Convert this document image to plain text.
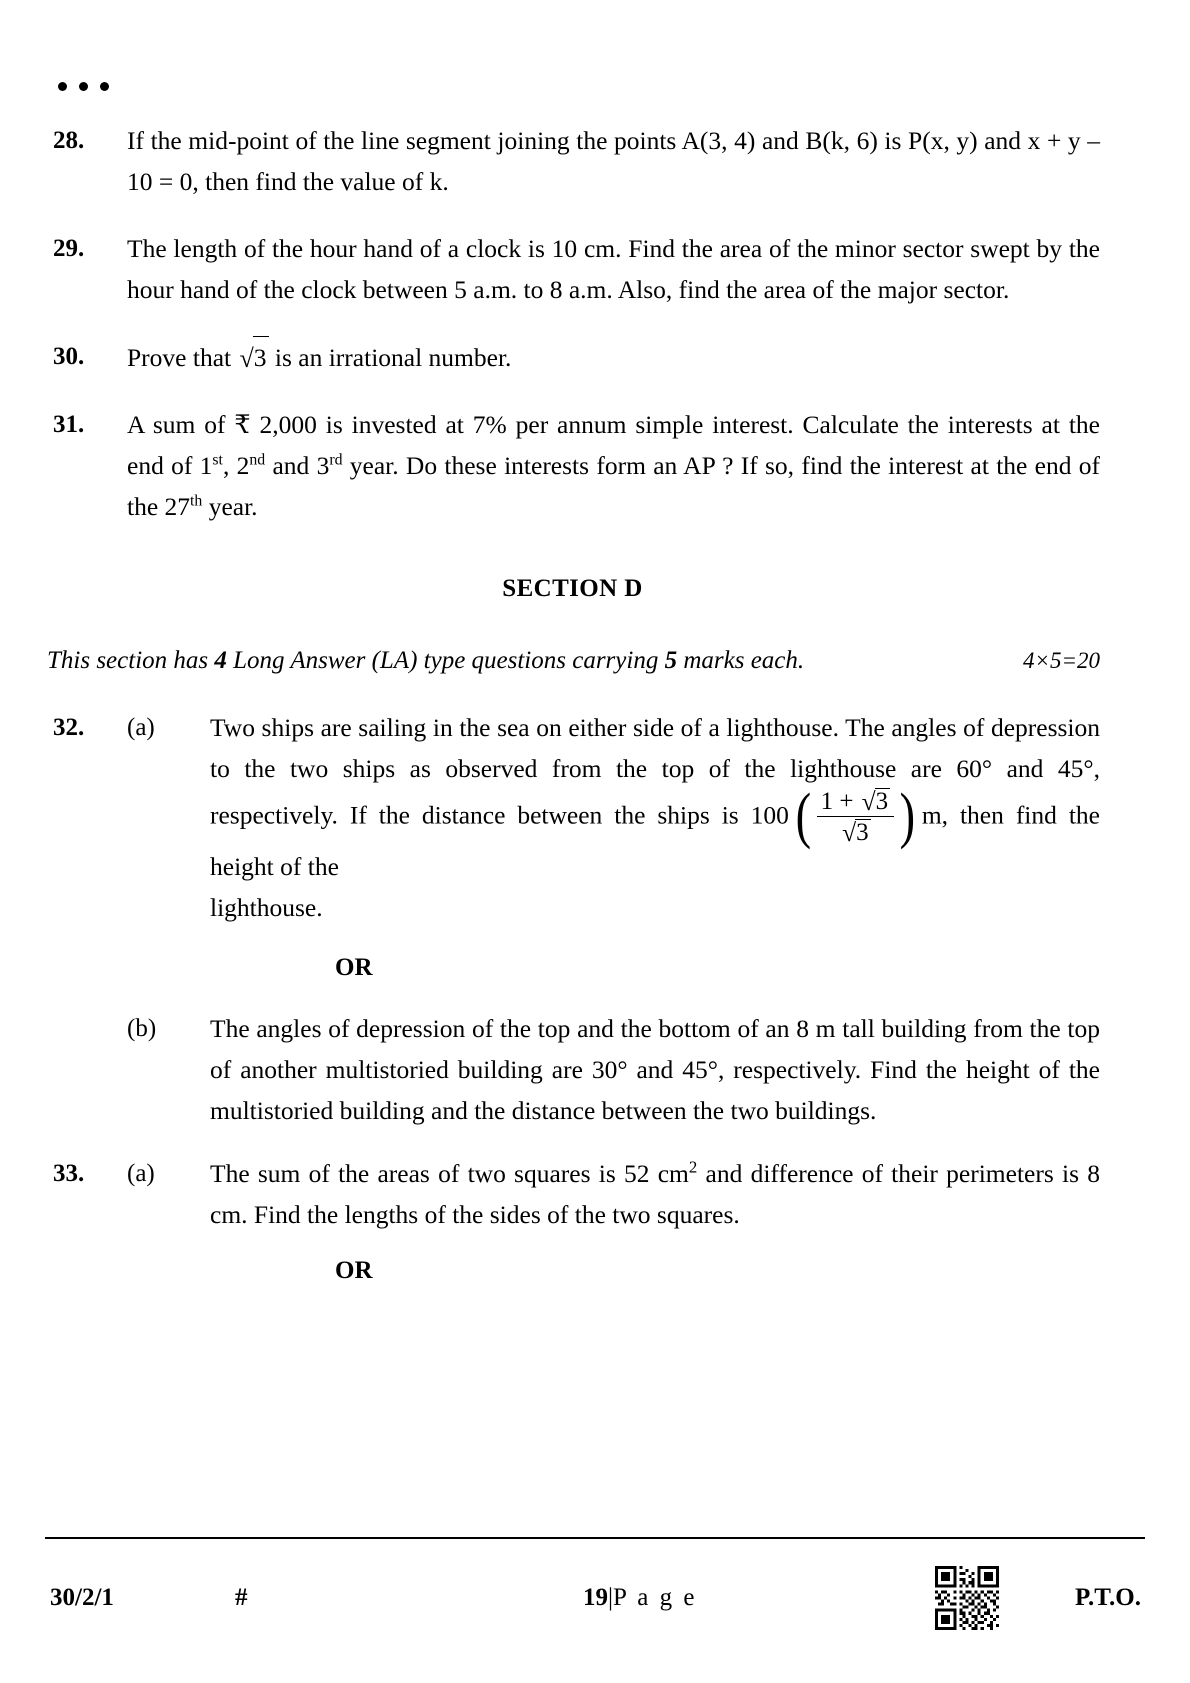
28.	If the mid-point of the line segment joining the points A(3, 4) and B(k, 6) is P(x, y) and x + y – 10 = 0, then find the value of k.
29.	The length of the hour hand of a clock is 10 cm. Find the area of the minor sector swept by the hour hand of the clock between 5 a.m. to 8 a.m. Also, find the area of the major sector.
30.	Prove that √3 is an irrational number.
31.	A sum of ₹ 2,000 is invested at 7% per annum simple interest. Calculate the interests at the end of 1st, 2nd and 3rd year. Do these interests form an AP ? If so, find the interest at the end of the 27th year.
SECTION D
This section has 4 Long Answer (LA) type questions carrying 5 marks each.	4×5=20
32.	(a)	Two ships are sailing in the sea on either side of a lighthouse. The angles of depression to the two ships as observed from the top of the lighthouse are 60° and 45°, respectively. If the distance between the ships is 100 ( $\frac{1 + √3}{√3}$ ) m, then find the height of the
lighthouse.
OR
(b)	The angles of depression of the top and the bottom of an 8 m tall building from the top of another multistoried building are 30° and 45°, respectively. Find the height of the multistoried building and the distance between the two buildings.
33.	(a)	The sum of the areas of two squares is 52 $cm^2$ and difference of their perimeters is 8 cm. Find the lengths of the sides of the two squares.
OR
30/2/1	#	19|P a g e	P.T.O.
